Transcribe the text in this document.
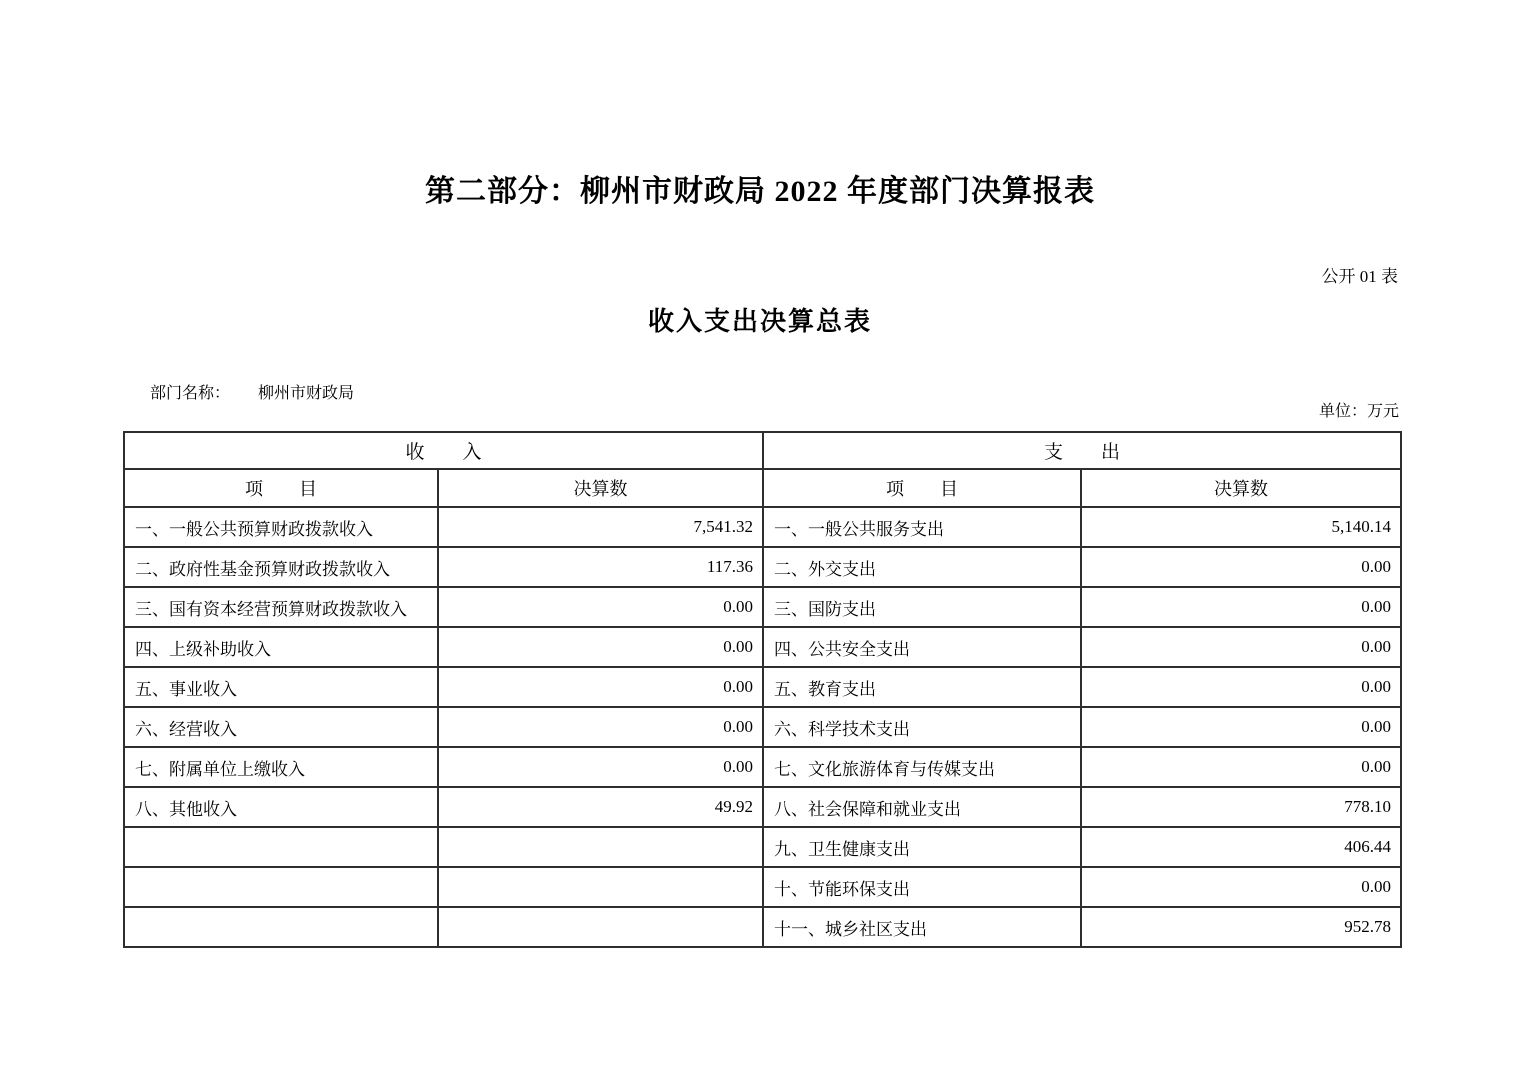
第二部分：柳州市财政局 2022 年度部门决算报表
公开 01 表
收入支出决算总表

部门名称： 柳州市财政局

单位：万元
收　　入		支　　出	
项　　目	决算数	项　　目	决算数
一、一般公共预算财政拨款收入	7,541.32	一、一般公共服务支出	5,140.14
二、政府性基金预算财政拨款收入	117.36	二、外交支出	0.00
三、国有资本经营预算财政拨款收入	0.00	三、国防支出	0.00
四、上级补助收入	0.00	四、公共安全支出	0.00
五、事业收入	0.00	五、教育支出	0.00
六、经营收入	0.00	六、科学技术支出	0.00
七、附属单位上缴收入	0.00	七、文化旅游体育与传媒支出	0.00
八、其他收入	49.92	八、社会保障和就业支出	778.10
		九、卫生健康支出	406.44
		十、节能环保支出	0.00
		十一、城乡社区支出	952.78
